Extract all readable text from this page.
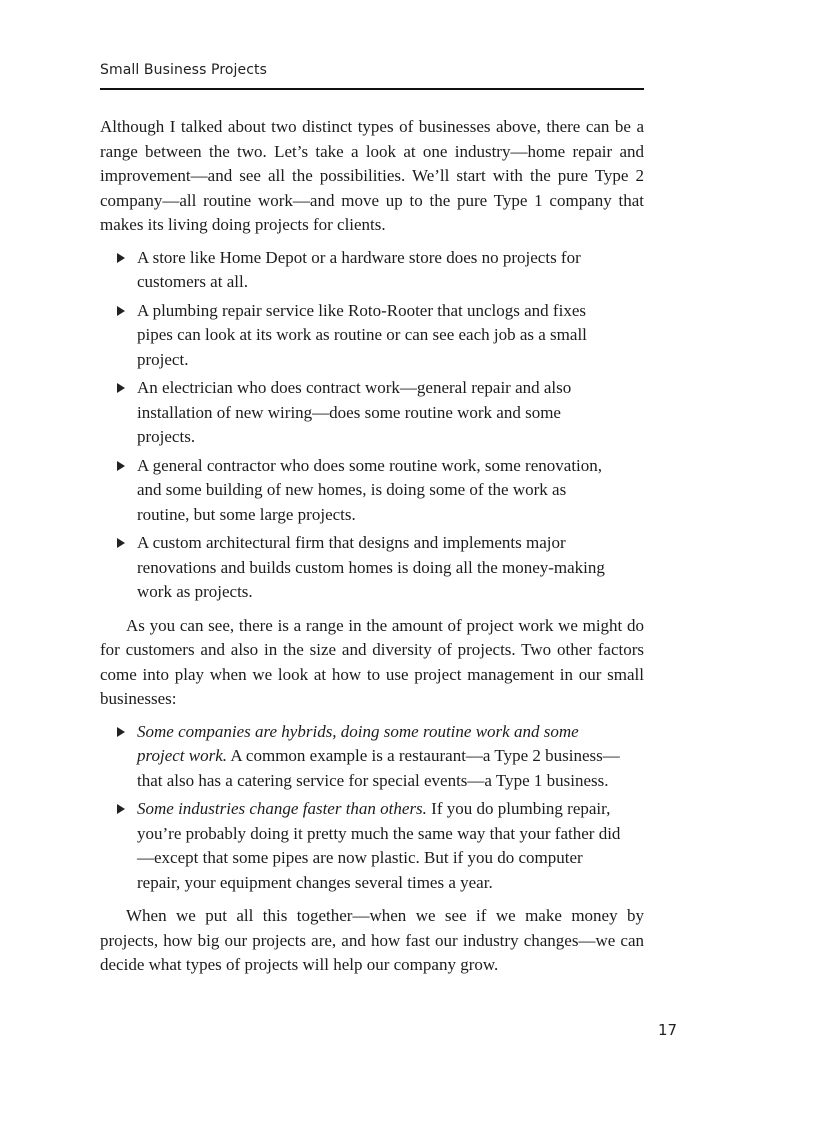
Small Business Projects

Although I talked about two distinct types of businesses above, there can be a range between the two. Let’s take a look at one industry—home repair and improvement—and see all the possibilities. We’ll start with the pure Type 2 company—all routine work—and move up to the pure Type 1 company that makes its living doing projects for clients.

A store like Home Depot or a hardware store does no projects for customers at all.
A plumbing repair service like Roto-Rooter that unclogs and fixes pipes can look at its work as routine or can see each job as a small project.
An electrician who does contract work—general repair and also installation of new wiring—does some routine work and some projects.
A general contractor who does some routine work, some renovation, and some building of new homes, is doing some of the work as routine, but some large projects.
A custom architectural firm that designs and implements major renovations and builds custom homes is doing all the money-making work as projects.

As you can see, there is a range in the amount of project work we might do for customers and also in the size and diversity of projects. Two other factors come into play when we look at how to use project management in our small businesses:

Some companies are hybrids, doing some routine work and some project work. A common example is a restaurant—a Type 2 business—that also has a catering service for special events—a Type 1 business.
Some industries change faster than others. If you do plumbing repair, you’re probably doing it pretty much the same way that your father did—except that some pipes are now plastic. But if you do computer repair, your equipment changes several times a year.

When we put all this together—when we see if we make money by projects, how big our projects are, and how fast our industry changes—we can decide what types of projects will help our company grow.

17
